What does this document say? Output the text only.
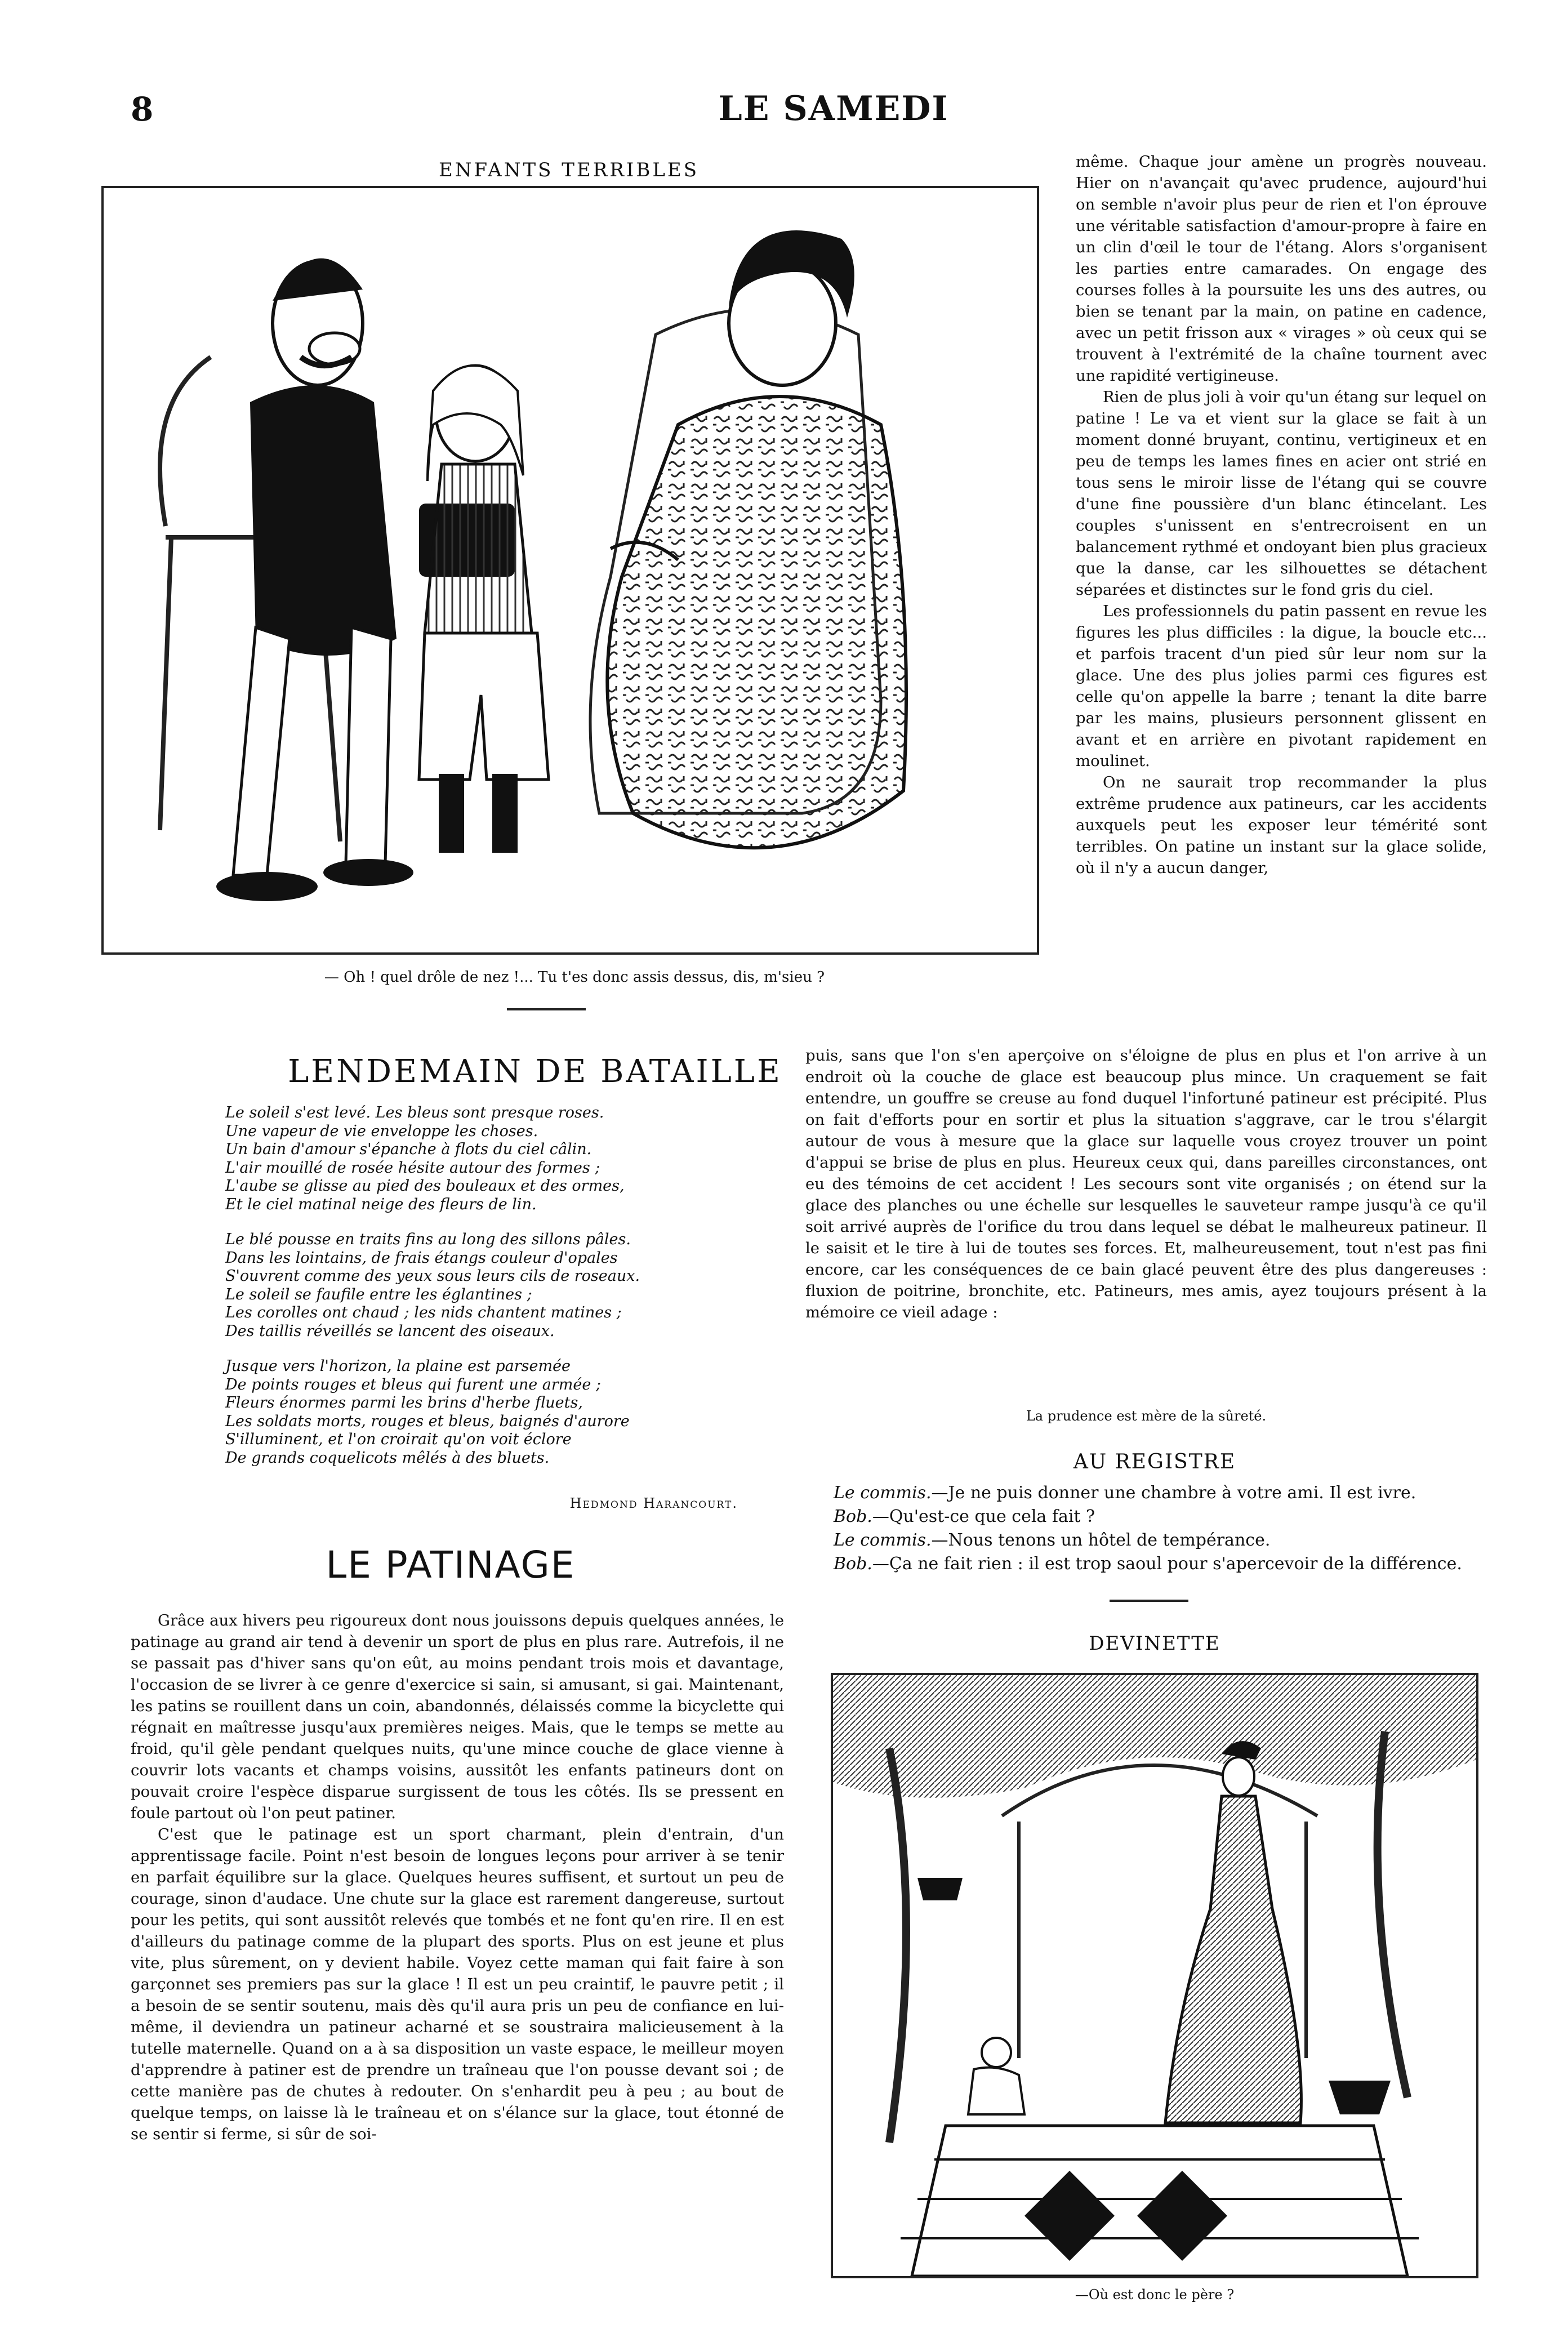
8	LE SAMEDI
ENFANTS TERRIBLES
— Oh ! quel drôle de nez !... Tu t'es donc assis dessus, dis, m'sieu ?
LENDEMAIN DE BATAILLE
Le soleil s'est levé. Les bleus sont presque roses.
Une vapeur de vie enveloppe les choses.
Un bain d'amour s'épanche à flots du ciel câlin.
L'air mouillé de rosée hésite autour des formes ;
L'aube se glisse au pied des bouleaux et des ormes,
Et le ciel matinal neige des fleurs de lin.
Le blé pousse en traits fins au long des sillons pâles.
Dans les lointains, de frais étangs couleur d'opales
S'ouvrent comme des yeux sous leurs cils de roseaux.
Le soleil se faufile entre les églantines ;
Les corolles ont chaud ; les nids chantent matines ;
Des taillis réveillés se lancent des oiseaux.
Jusque vers l'horizon, la plaine est parsemée
De points rouges et bleus qui furent une armée ;
Fleurs énormes parmi les brins d'herbe fluets,
Les soldats morts, rouges et bleus, baignés d'aurore
S'illuminent, et l'on croirait qu'on voit éclore
De grands coquelicots mêlés à des bluets.
Hedmond Harancourt.
LE PATINAGE

Grâce aux hivers peu rigoureux dont nous jouissons depuis quelques années, le patinage au grand air tend à devenir un sport de plus en plus rare. Autrefois, il ne se passait pas d'hiver sans qu'on eût, au moins pendant trois mois et davantage, l'occasion de se livrer à ce genre d'exercice si sain, si amusant, si gai. Maintenant, les patins se rouillent dans un coin, abandonnés, délaissés comme la bicyclette qui régnait en maîtresse jusqu'aux premières neiges. Mais, que le temps se mette au froid, qu'il gèle pendant quelques nuits, qu'une mince couche de glace vienne à couvrir lots vacants et champs voisins, aussitôt les enfants patineurs dont on pouvait croire l'espèce disparue surgissent de tous les côtés. Ils se pressent en foule partout où l'on peut patiner.

C'est que le patinage est un sport charmant, plein d'entrain, d'un apprentissage facile. Point n'est besoin de longues leçons pour arriver à se tenir en parfait équilibre sur la glace. Quelques heures suffisent, et surtout un peu de courage, sinon d'audace. Une chute sur la glace est rarement dangereuse, surtout pour les petits, qui sont aussitôt relevés que tombés et ne font qu'en rire. Il en est d'ailleurs du patinage comme de la plupart des sports. Plus on est jeune et plus vite, plus sûrement, on y devient habile. Voyez cette maman qui fait faire à son garçonnet ses premiers pas sur la glace ! Il est un peu craintif, le pauvre petit ; il a besoin de se sentir soutenu, mais dès qu'il aura pris un peu de confiance en lui-même, il deviendra un patineur acharné et se soustraira malicieusement à la tutelle maternelle. Quand on a à sa disposition un vaste espace, le meilleur moyen d'apprendre à patiner est de prendre un traîneau que l'on pousse devant soi ; de cette manière pas de chutes à redouter. On s'enhardit peu à peu ; au bout de quelque temps, on laisse là le traîneau et on s'élance sur la glace, tout étonné de se sentir si ferme, si sûr de soi-

même. Chaque jour amène un progrès nouveau. Hier on n'avançait qu'avec prudence, aujourd'hui on semble n'avoir plus peur de rien et l'on éprouve une véritable satisfaction d'amour-propre à faire en un clin d'œil le tour de l'étang. Alors s'organisent les parties entre camarades. On engage des courses folles à la poursuite les uns des autres, ou bien se tenant par la main, on patine en cadence, avec un petit frisson aux « virages » où ceux qui se trouvent à l'extrémité de la chaîne tournent avec une rapidité vertigineuse.

Rien de plus joli à voir qu'un étang sur lequel on patine ! Le va et vient sur la glace se fait à un moment donné bruyant, continu, vertigineux et en peu de temps les lames fines en acier ont strié en tous sens le miroir lisse de l'étang qui se couvre d'une fine poussière d'un blanc étincelant. Les couples s'unissent en s'entrecroisent en un balancement rythmé et ondoyant bien plus gracieux que la danse, car les silhouettes se détachent séparées et distinctes sur le fond gris du ciel.

Les professionnels du patin passent en revue les figures les plus difficiles : la digue, la boucle etc... et parfois tracent d'un pied sûr leur nom sur la glace. Une des plus jolies parmi ces figures est celle qu'on appelle la barre ; tenant la dite barre par les mains, plusieurs personnent glissent en avant et en arrière en pivotant rapidement en moulinet.

On ne saurait trop recommander la plus extrême prudence aux patineurs, car les accidents auxquels peut les exposer leur témérité sont terribles. On patine un instant sur la glace solide, où il n'y a aucun danger,

puis, sans que l'on s'en aperçoive on s'éloigne de plus en plus et l'on arrive à un endroit où la couche de glace est beaucoup plus mince. Un craquement se fait entendre, un gouffre se creuse au fond duquel l'infortuné patineur est précipité. Plus on fait d'efforts pour en sortir et plus la situation s'aggrave, car le trou s'élargit autour de vous à mesure que la glace sur laquelle vous croyez trouver un point d'appui se brise de plus en plus. Heureux ceux qui, dans pareilles circonstances, ont eu des témoins de cet accident ! Les secours sont vite organisés ; on étend sur la glace des planches ou une échelle sur lesquelles le sauveteur rampe jusqu'à ce qu'il soit arrivé auprès de l'orifice du trou dans lequel se débat le malheureux patineur. Il le saisit et le tire à lui de toutes ses forces. Et, malheureusement, tout n'est pas fini encore, car les conséquences de ce bain glacé peuvent être des plus dangereuses : fluxion de poitrine, bronchite, etc. Patineurs, mes amis, ayez toujours présent à la mémoire ce vieil adage :

La prudence est mère de la sûreté.
AU REGISTRE
Le commis.—Je ne puis donner une chambre à votre ami. Il est ivre.
Bob.—Qu'est-ce que cela fait ?
Le commis.—Nous tenons un hôtel de tempérance.
Bob.—Ça ne fait rien : il est trop saoul pour s'apercevoir de la différence.
DEVINETTE
—Où est donc le père ?
